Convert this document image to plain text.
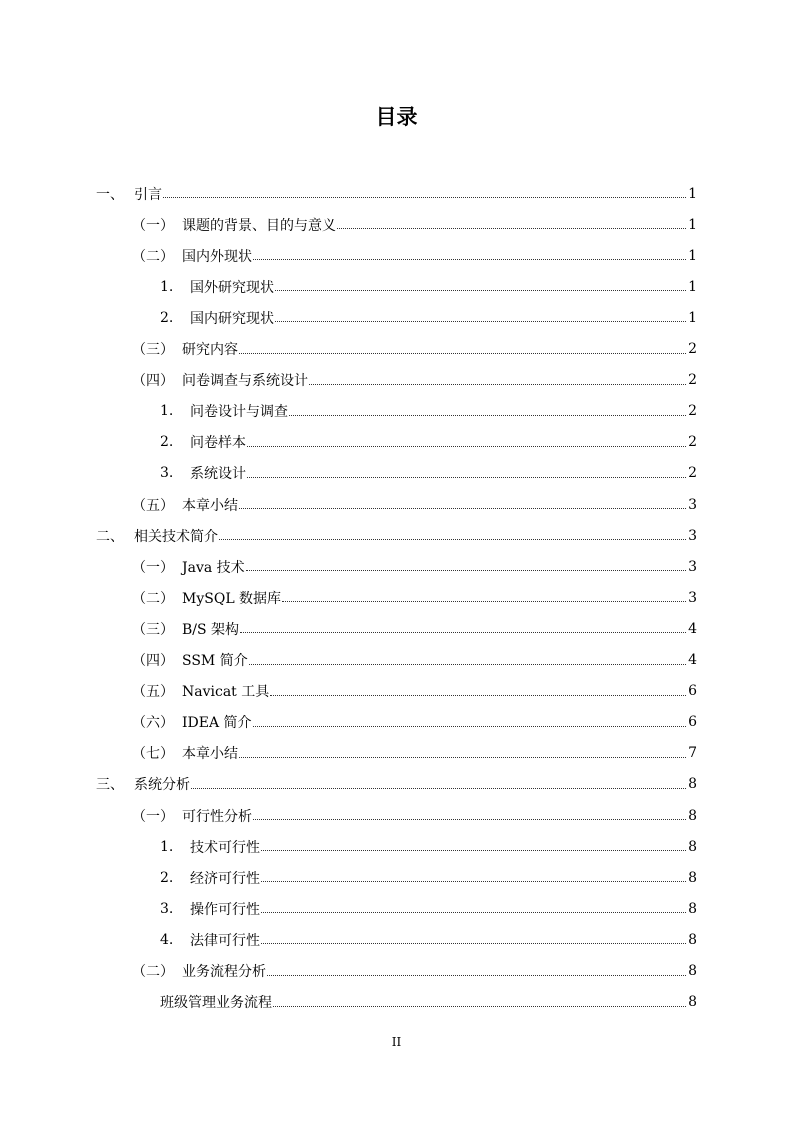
目录
一、 引言	1
（一） 课题的背景、目的与意义	1
（二） 国内外现状	1
1.	国外研究现状	1
2.	国内研究现状	1
（三） 研究内容	2
（四） 问卷调查与系统设计	2
1.	问卷设计与调查	2
2.	问卷样本	2
3.	系统设计	2
（五） 本章小结	3
二、 相关技术简介	3
（一） Java 技术	3
（二） MySQL 数据库	3
（三） B/S 架构	4
（四） SSM 简介	4
（五） Navicat 工具	6
（六） IDEA 简介	6
（七） 本章小结	7
三、 系统分析	8
（一） 可行性分析	8
1.	技术可行性	8
2.	经济可行性	8
3.	操作可行性	8
4.	法律可行性	8
（二） 业务流程分析	8
班级管理业务流程	8
II
